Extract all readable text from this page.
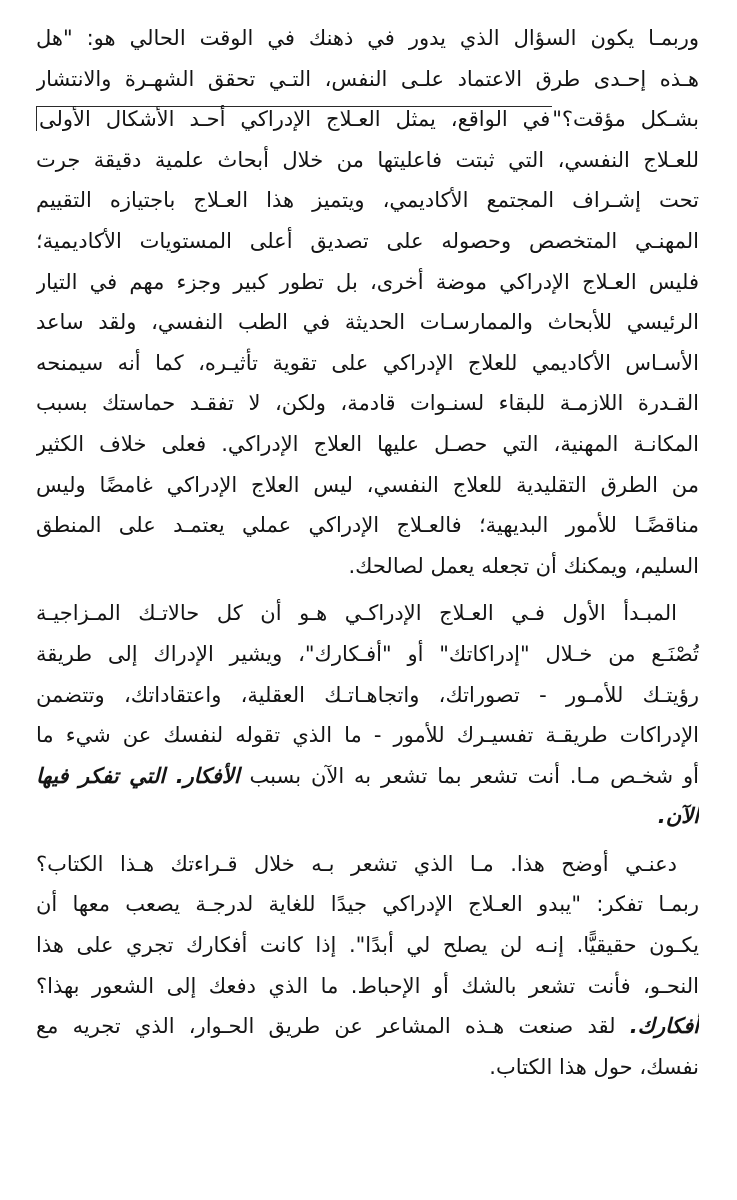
وربمـا يكون السؤال الذي يدور في ذهنك في الوقت الحالي هو: "هل
هـذه إحـدى طرق الاعتماد علـى النفس، التـي تحقق الشهـرة والانتشار
بشـكل مؤقت؟"في الواقع، يمثل العـلاج الإدراكي أحـد الأشكال الأولى
للعـلاج النفسي، التي ثبتت فاعليتها من خلال أبحاث علمية دقيقة جرت
تحت إشـراف المجتمع الأكاديمي، ويتميز هذا العـلاج باجتيازه التقييم
المهنـي المتخصص وحصوله على تصديق أعلى المستويات الأكاديمية؛
فليس العـلاج الإدراكي موضة أخرى، بل تطور كبير وجزء مهم في التيار
الرئيسي للأبحاث والممارسـات الحديثة في الطب النفسي، ولقد ساعد
الأسـاس الأكاديمي للعلاج الإدراكي على تقوية تأثيـره، كما أنه سيمنحه
القـدرة اللازمـة للبقاء لسنـوات قادمة، ولكن، لا تفقـد حماستك بسبب
المكانـة المهنية، التي حصـل عليها العلاج الإدراكي. فعلى خلاف الكثير
من الطرق التقليدية للعلاج النفسي، ليس العلاج الإدراكي غامضًا وليس
مناقضًـا للأمور البديهية؛ فالعـلاج الإدراكي عملي يعتمـد على المنطق
السليم، ويمكنك أن تجعله يعمل لصالحك.

المبـدأ الأول فـي العـلاج الإدراكـي هـو أن كل حالاتـك المـزاجيـة
تُصْنَـع من خـلال "إدراكاتك" أو "أفـكارك"، ويشير الإدراك إلى طريقة
رؤيتـك للأمـور - تصوراتك، واتجاهـاتـك العقلية، واعتقاداتك، وتتضمن
الإدراكات طريقـة تفسيـرك للأمور - ما الذي تقوله لنفسك عن شيء ما
أو شخـص مـا. أنت تشعر بما تشعر به الآن بسبب الأفكار. التي تفكر فيها
الآن.

دعنـي أوضح هذا. مـا الذي تشعر بـه خلال قـراءتك هـذا الكتاب؟
ربمـا تفكر: "يبدو العـلاج الإدراكي جيدًا للغاية لدرجـة يصعب معها أن
يكـون حقيقيًّا. إنـه لن يصلح لي أبدًا". إذا كانت أفكارك تجري على هذا
النحـو، فأنت تشعر بالشك أو الإحباط. ما الذي دفعك إلى الشعور بهذا؟
أفكارك. لقد صنعت هـذه المشاعر عن طريق الحـوار، الذي تجريه مع
نفسك، حول هذا الكتاب.
